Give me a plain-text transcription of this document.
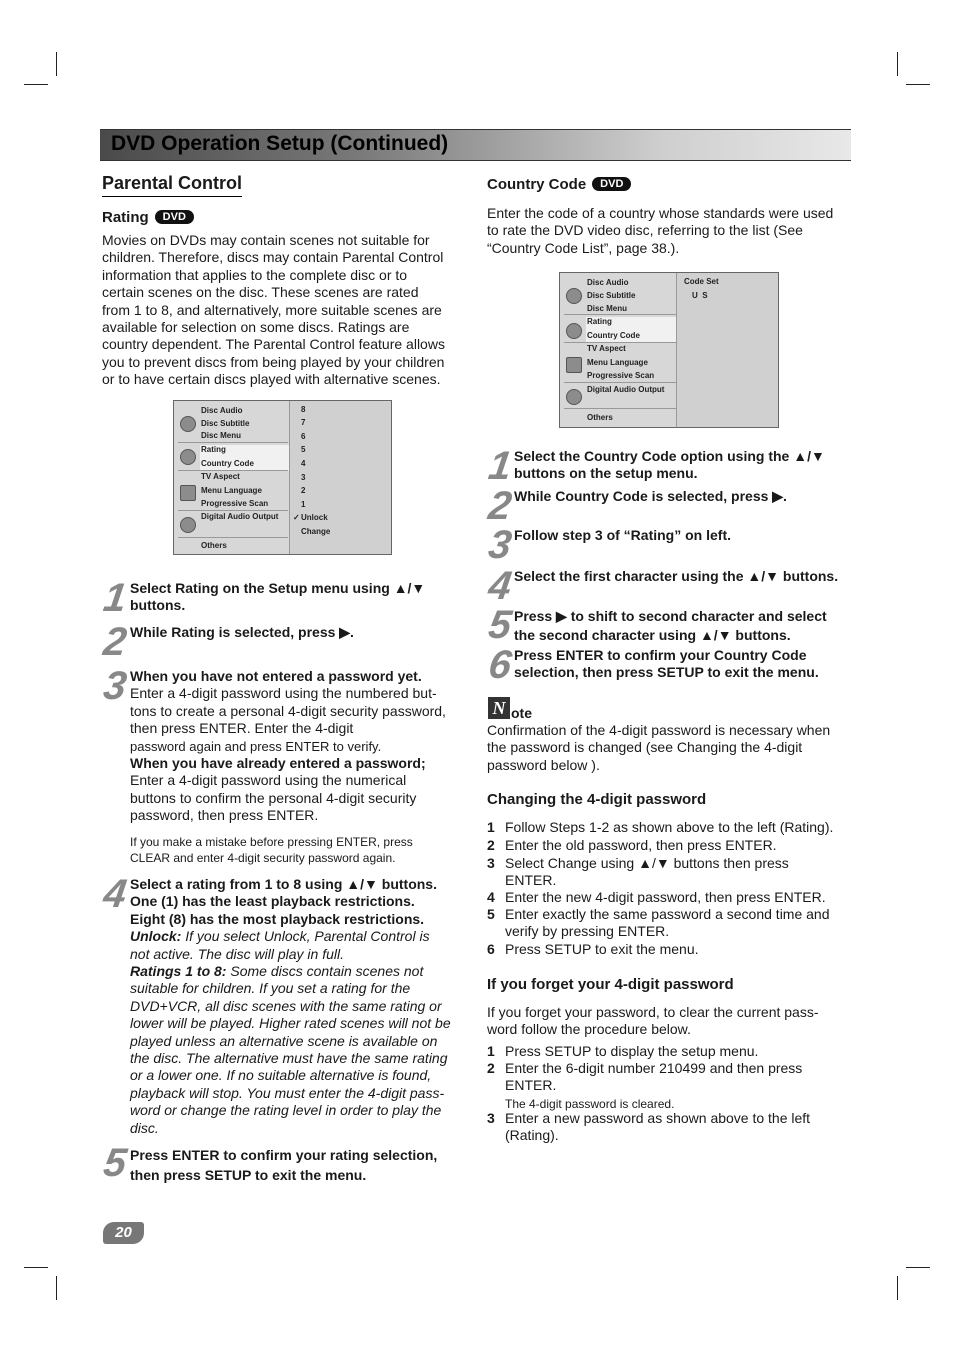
DVD Operation Setup (Continued)
Parental Control
Rating DVD
Movies on DVDs may contain scenes not suitable for
children. Therefore, discs may contain Parental Control
information that applies to the complete disc or to
certain scenes on the disc. These scenes are rated
from 1 to 8, and alternatively, more suitable scenes are
available for selection on some discs. Ratings are
country dependent. The Parental Control feature allows
you to prevent discs from being played by your children
or to have certain discs played with alternative scenes.
Disc Audio
Disc Subtitle
Disc Menu
Rating
Country Code
TV Aspect
Menu Language
Progressive Scan
Digital Audio Output
Others
8
7
6
5
4
3
2
1
✓ Unlock
Change
1 Select Rating on the Setup menu using ▲/▼
buttons.
2 While Rating is selected, press ▶.
3 When you have not entered a password yet.
Enter a 4-digit password using the numbered but-
tons to create a personal 4-digit security password,
then press ENTER. Enter the 4-digit
password again and press ENTER to verify.
When you have already entered a password;
Enter a 4-digit password using the numerical
buttons to confirm the personal 4-digit security
password, then press ENTER.
If you make a mistake before pressing ENTER, press
CLEAR and enter 4-digit security password again.
4 Select a rating from 1 to 8 using ▲/▼ buttons.
One (1) has the least playback restrictions.
Eight (8) has the most playback restrictions.
Unlock: If you select Unlock, Parental Control is
not active. The disc will play in full.
Ratings 1 to 8: Some discs contain scenes not
suitable for children. If you set a rating for the
DVD+VCR, all disc scenes with the same rating or
lower will be played. Higher rated scenes will not be
played unless an alternative scene is available on
the disc. The alternative must have the same rating
or a lower one. If no suitable alternative is found,
playback will stop. You must enter the 4-digit pass-
word or change the rating level in order to play the
disc.
5 Press ENTER to confirm your rating selection,
then press SETUP to exit the menu.
Country Code DVD
Enter the code of a country whose standards were used
to rate the DVD video disc, referring to the list (See
“Country Code List”, page 38.).
Disc Audio
Disc Subtitle
Disc Menu
Rating
Country Code
TV Aspect
Menu Language
Progressive Scan
Digital Audio Output
Others
Code Set
U  S
1 Select the Country Code option using the ▲/▼
buttons on the setup menu.
2 While Country Code is selected, press ▶.
3 Follow step 3 of “Rating” on left.
4 Select the first character using the ▲/▼ buttons.
5 Press ▶ to shift to second character and select
the second character using ▲/▼ buttons.
6 Press ENTER to confirm your Country Code
selection, then press SETUP to exit the menu.
N ote
Confirmation of the 4-digit password is necessary when
the password is changed (see Changing the 4-digit
password below ).
Changing the 4-digit password
1 Follow Steps 1-2 as shown above to the left (Rating).
2 Enter the old password, then press ENTER.
3 Select Change using ▲/▼ buttons then press
ENTER.
4 Enter the new 4-digit password, then press ENTER.
5 Enter exactly the same password a second time and
verify by pressing ENTER.
6 Press SETUP to exit the menu.
If you forget your 4-digit password
If you forget your password, to clear the current pass-
word follow the procedure below.
1 Press SETUP to display the setup menu.
2 Enter the 6-digit number 210499 and then press
ENTER.
The 4-digit password is cleared.
3 Enter a new password as shown above to the left
(Rating).
20
